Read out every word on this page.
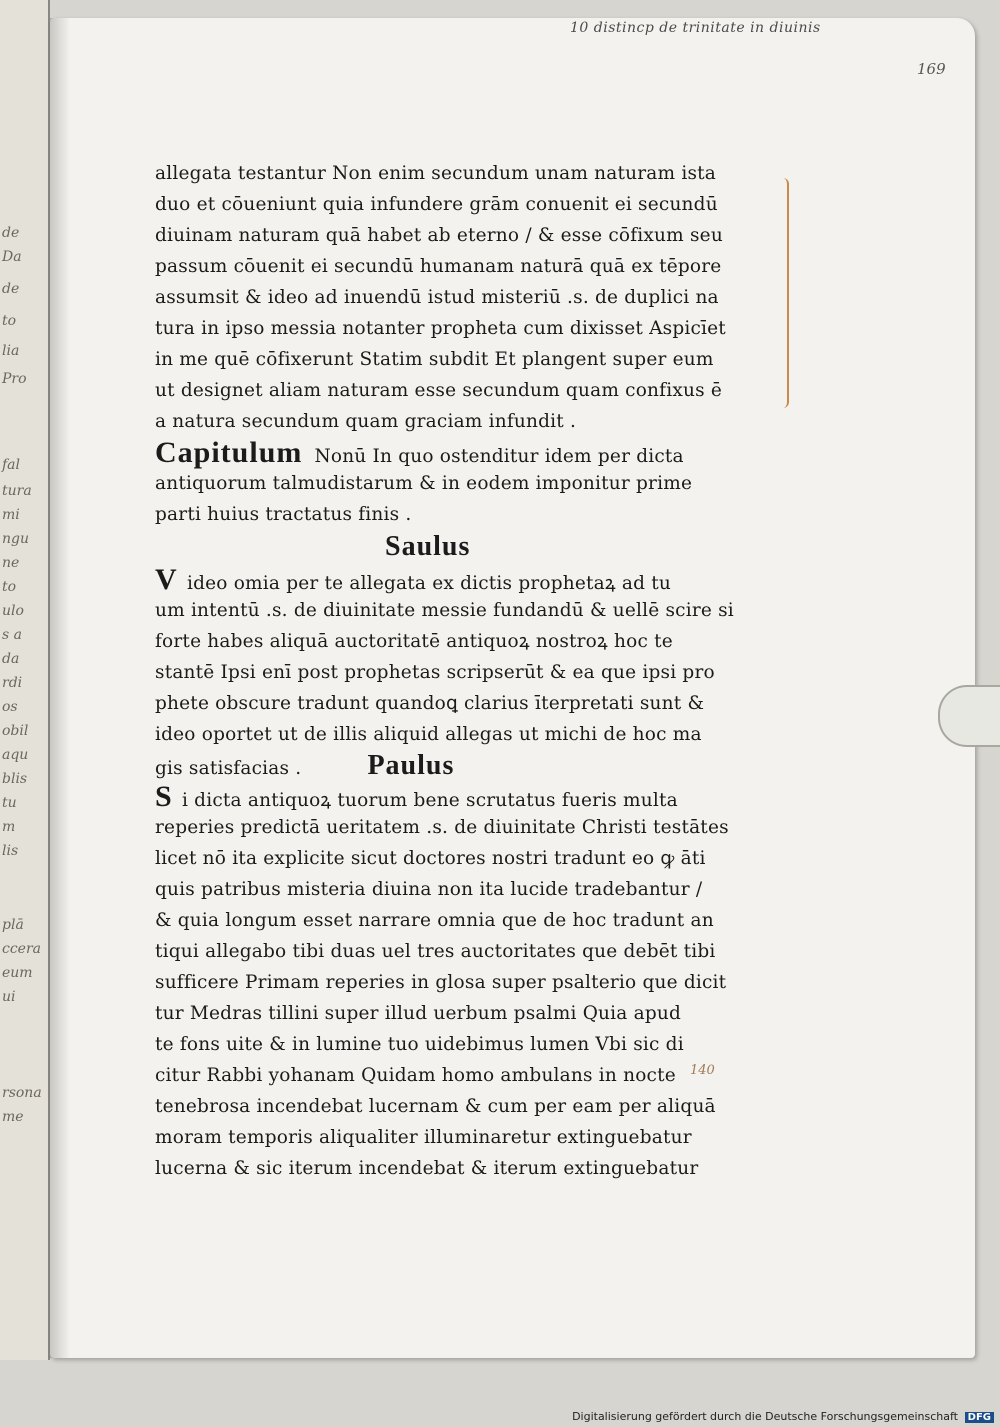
de
Da
de
to
lia
Pro
fal
tura
mi
ngu
ne
to
ulo
s a
da
rdi
os
obil
aqu
blis
tu
m
lis
plā
ccera
eum
ui
rsona
me
10 distincp de trinitate in diuinis
169
allegata testantur Non enim secundum unam naturam ista
duo et cōueniunt quia infundere grām conuenit ei secundū
diuinam naturam quā habet ab eterno / & esse cōfixum seu
passum cōuenit ei secundū humanam naturā quā ex tēpore
assumsit & ideo ad inuendū istud misteriū .s. de duplici na
tura in ipso messia notanter propheta cum dixisset Aspicīet
in me quē cōfixerunt Statim subdit Et plangent super eum
ut designet aliam naturam esse secundum quam confixus ē
a natura secundum quam graciam infundit .
Capitulum Nonū In quo ostenditur idem per dicta
antiquorum talmudistarum & in eodem imponitur prime
parti huius tractatus finis .
Saulus
V ideo omia per te allegata ex dictis prophetaꝝ ad tu
um intentū .s. de diuinitate messie fundandū & uellē scire si
forte habes aliquā auctoritatē antiquoꝝ nostroꝝ hoc te
stantē Ipsi enī post prophetas scripserūt & ea que ipsi pro
phete obscure tradunt quandoꝗ clarius īterpretati sunt &
ideo oportet ut de illis aliquid allegas ut michi de hoc ma
gis satisfacias . Paulus
S i dicta antiquoꝝ tuorum bene scrutatus fueris multa
reperies predictā ueritatem .s. de diuinitate Christi testātes
licet nō ita explicite sicut doctores nostri tradunt eo ꝙ āti
quis patribus misteria diuina non ita lucide tradebantur /
& quia longum esset narrare omnia que de hoc tradunt an
tiqui allegabo tibi duas uel tres auctoritates que debēt tibi
sufficere Primam reperies in glosa super psalterio que dicit
tur Medras tillini super illud uerbum psalmi Quia apud
te fons uite & in lumine tuo uidebimus lumen Vbi sic di
citur Rabbi yohanam Quidam homo ambulans in nocte
tenebrosa incendebat lucernam & cum per eam per aliquā
moram temporis aliqualiter illuminaretur extinguebatur
lucerna & sic iterum incendebat & iterum extinguebatur
140
Digitalisierung gefördert durch die Deutsche Forschungsgemeinschaft DFG
